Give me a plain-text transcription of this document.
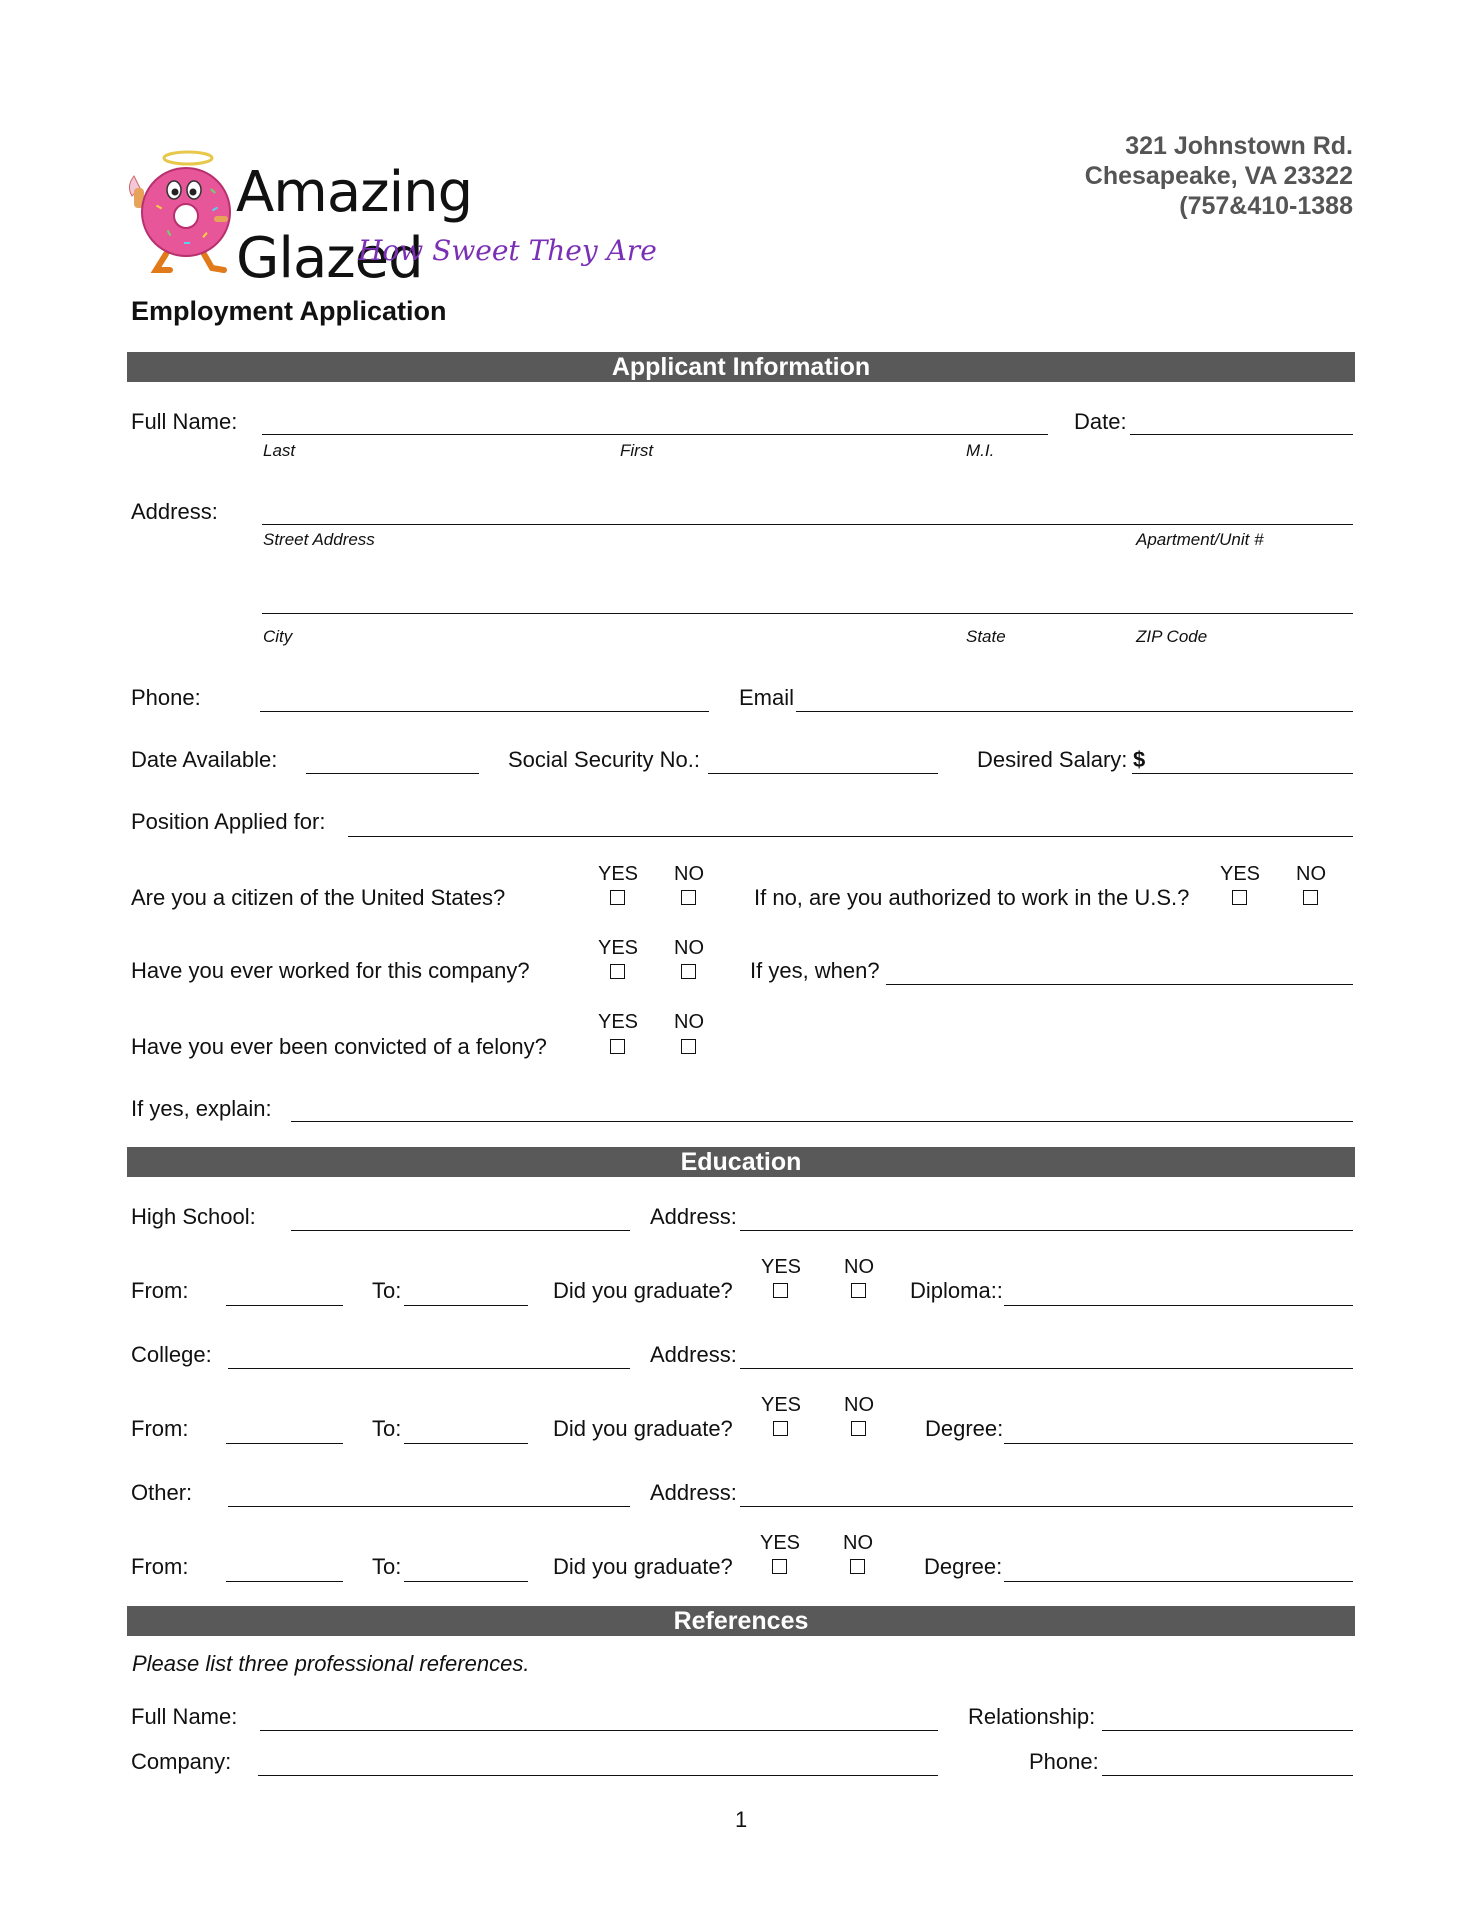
Amazing Glazed
How Sweet They Are
321 Johnstown Rd.
Chesapeake, VA 23322
(757&410-1388
Employment Application
Applicant Information
Full Name:	Date:
Last	First	M.I.
Address:
Street Address	Apartment/Unit #
City	State	ZIP Code
Phone:	Email
Date Available:	Social Security No.:	Desired Salary: $
Position Applied for:
Are you a citizen of the United States?
YES	NO
If no, are you authorized to work in the U.S.?
YES	NO
Have you ever worked for this company?
YES	NO
If yes, when?
Have you ever been convicted of a felony?
YES	NO
If yes, explain:
Education
High School:	Address:
From:	To:	Did you graduate?
YES	NO
Diploma::
College:	Address:
From:	To:	Did you graduate?
YES	NO
Degree:
Other:	Address:
From:	To:	Did you graduate?
YES	NO
Degree:
References
Please list three professional references.
Full Name:	Relationship:
Company:	Phone:
1
